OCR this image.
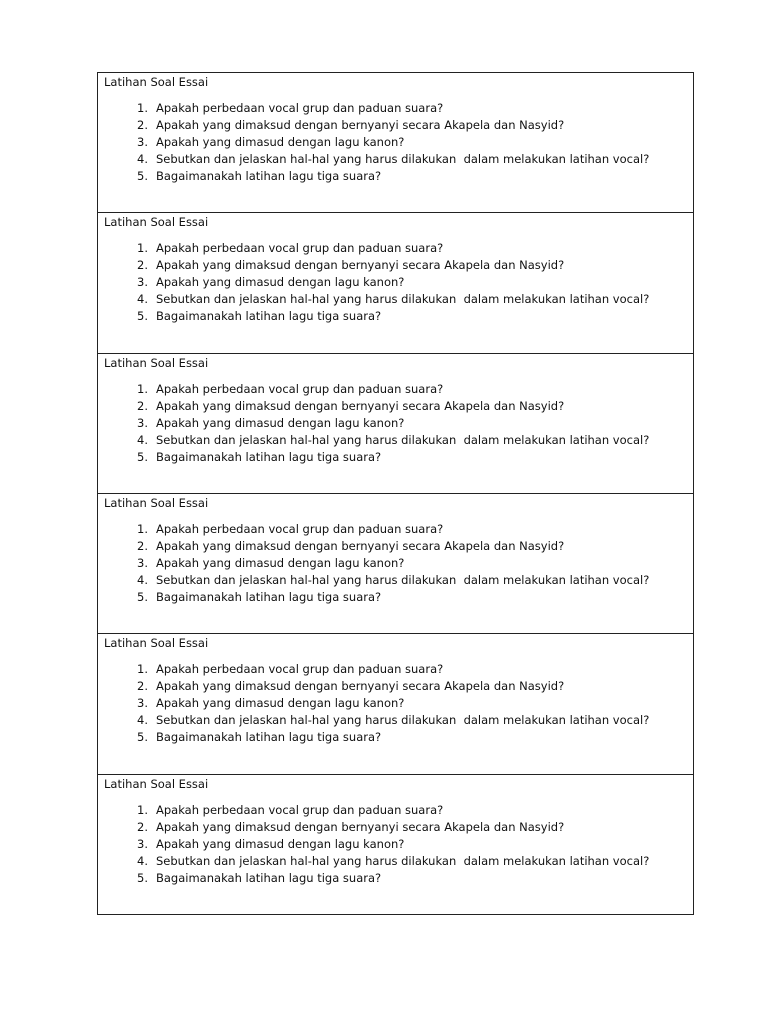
Latihan Soal Essai
1. Apakah perbedaan vocal grup dan paduan suara?
2. Apakah yang dimaksud dengan bernyanyi secara Akapela dan Nasyid?
3. Apakah yang dimasud dengan lagu kanon?
4. Sebutkan dan jelaskan hal-hal yang harus dilakukan  dalam melakukan latihan vocal?
5. Bagaimanakah latihan lagu tiga suara?
Latihan Soal Essai
1. Apakah perbedaan vocal grup dan paduan suara?
2. Apakah yang dimaksud dengan bernyanyi secara Akapela dan Nasyid?
3. Apakah yang dimasud dengan lagu kanon?
4. Sebutkan dan jelaskan hal-hal yang harus dilakukan  dalam melakukan latihan vocal?
5. Bagaimanakah latihan lagu tiga suara?
Latihan Soal Essai
1. Apakah perbedaan vocal grup dan paduan suara?
2. Apakah yang dimaksud dengan bernyanyi secara Akapela dan Nasyid?
3. Apakah yang dimasud dengan lagu kanon?
4. Sebutkan dan jelaskan hal-hal yang harus dilakukan  dalam melakukan latihan vocal?
5. Bagaimanakah latihan lagu tiga suara?
Latihan Soal Essai
1. Apakah perbedaan vocal grup dan paduan suara?
2. Apakah yang dimaksud dengan bernyanyi secara Akapela dan Nasyid?
3. Apakah yang dimasud dengan lagu kanon?
4. Sebutkan dan jelaskan hal-hal yang harus dilakukan  dalam melakukan latihan vocal?
5. Bagaimanakah latihan lagu tiga suara?
Latihan Soal Essai
1. Apakah perbedaan vocal grup dan paduan suara?
2. Apakah yang dimaksud dengan bernyanyi secara Akapela dan Nasyid?
3. Apakah yang dimasud dengan lagu kanon?
4. Sebutkan dan jelaskan hal-hal yang harus dilakukan  dalam melakukan latihan vocal?
5. Bagaimanakah latihan lagu tiga suara?
Latihan Soal Essai
1. Apakah perbedaan vocal grup dan paduan suara?
2. Apakah yang dimaksud dengan bernyanyi secara Akapela dan Nasyid?
3. Apakah yang dimasud dengan lagu kanon?
4. Sebutkan dan jelaskan hal-hal yang harus dilakukan  dalam melakukan latihan vocal?
5. Bagaimanakah latihan lagu tiga suara?
